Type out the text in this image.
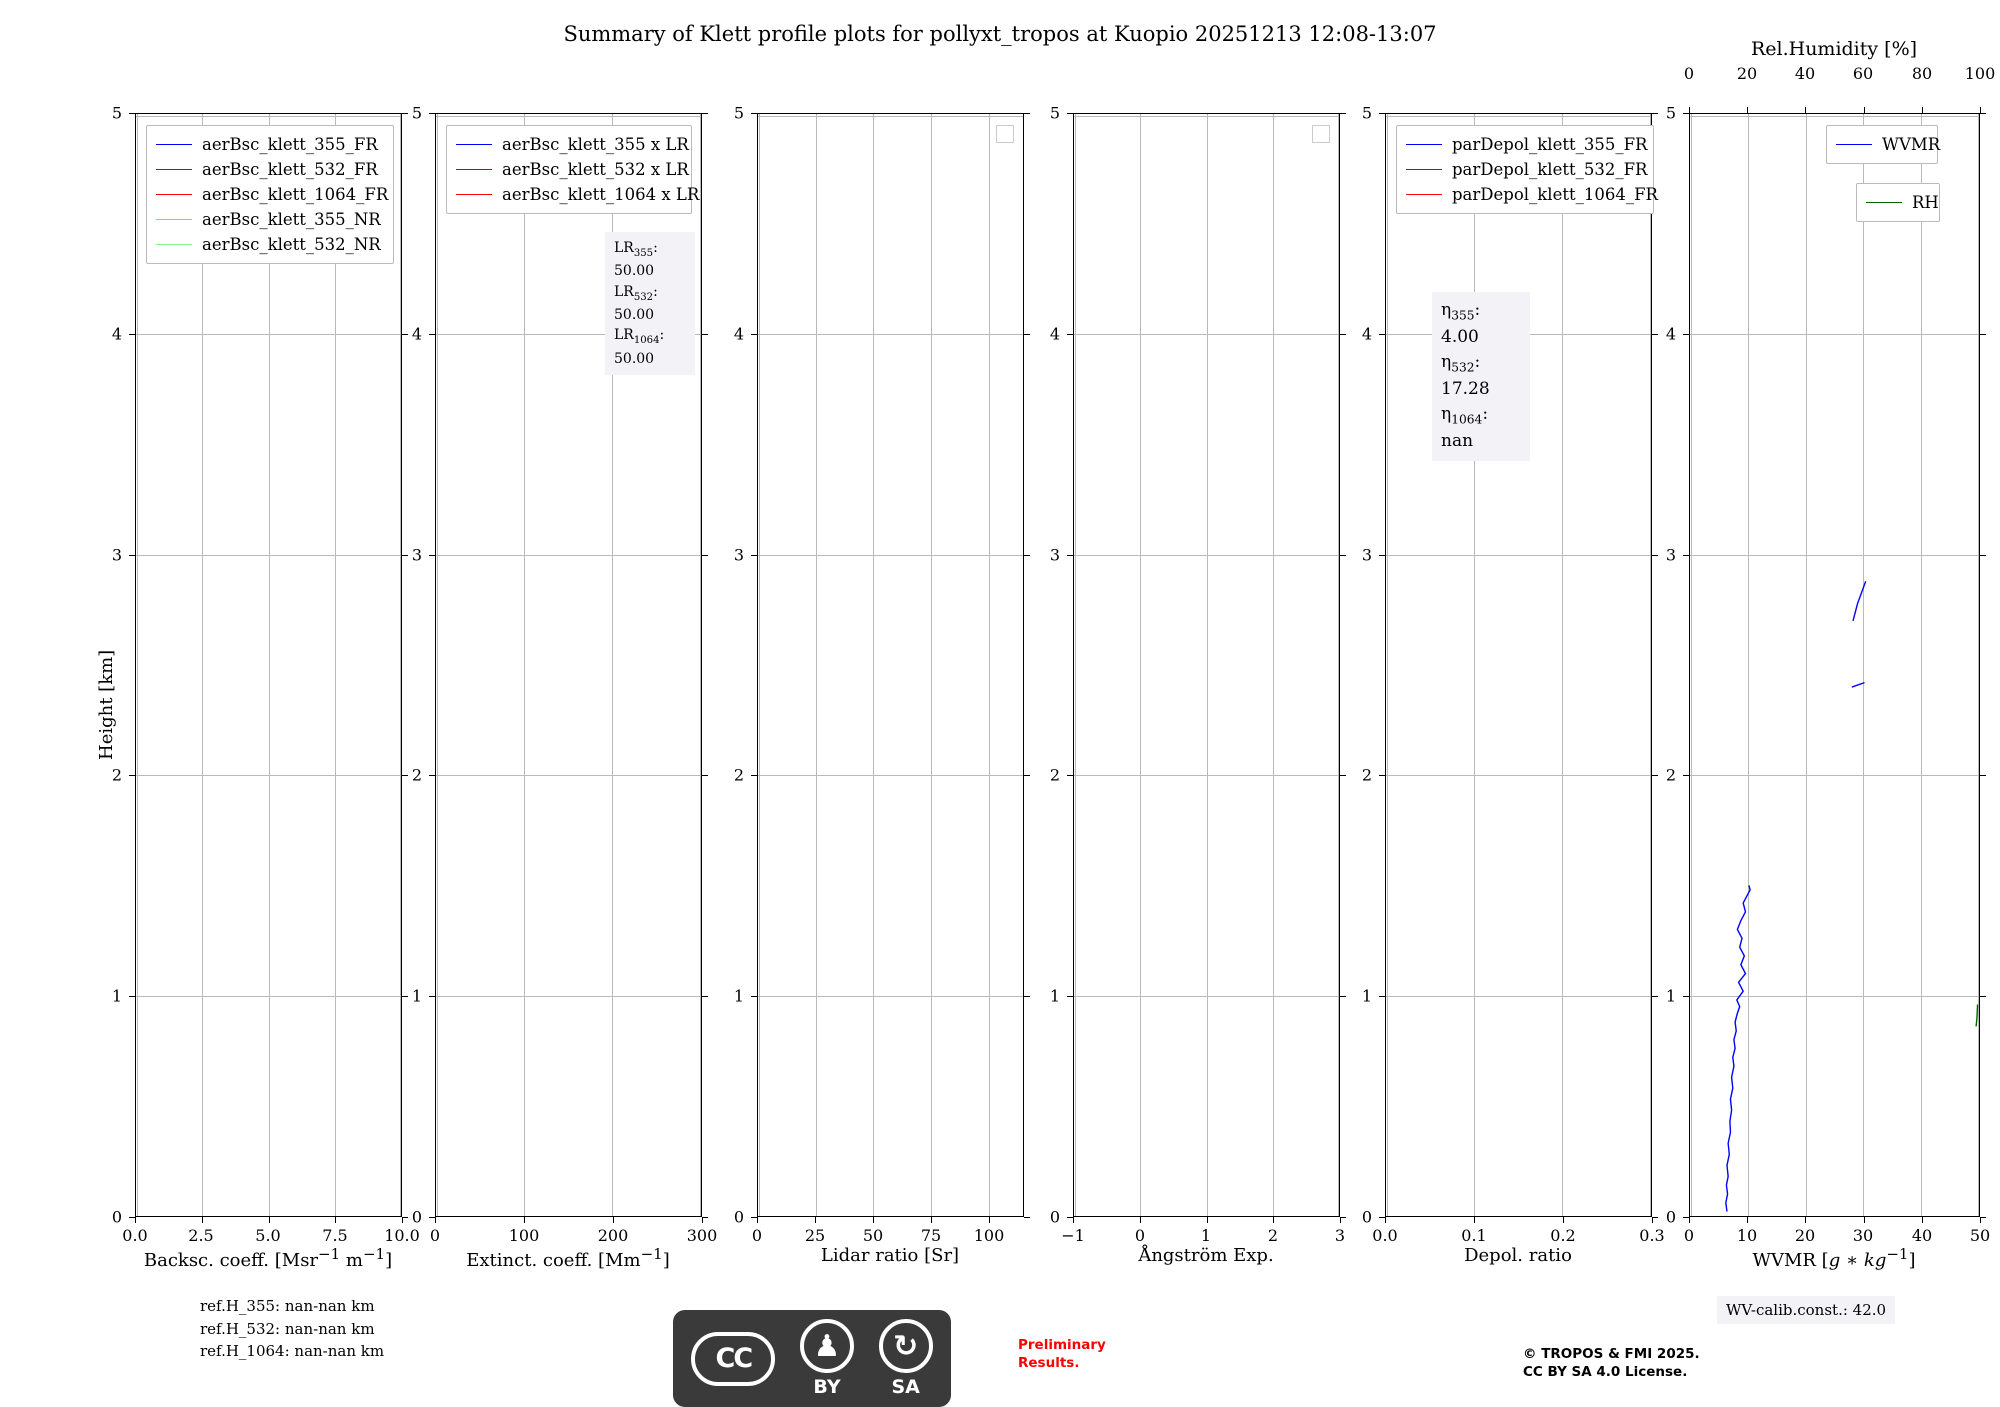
Summary of Klett profile plots for pollyxt_tropos at Kuopio 20251213 12:08-13:07
Height [km]
0.0	2.5	5.0	7.5 10.0
5
4
3
2
1
0
Backsc. coeff. [Msr$^{-1}$ $m^{-1}$]
aerBsc_klett_355_FR
aerBsc_klett_532_FR
aerBsc_klett_1064_FR
aerBsc_klett_355_NR
aerBsc_klett_532_NR
0	100	200	300
5
4
3
2
1
0
Extinct. coeff. $[Mm^{-1}]$
aerBsc_klett_355 x LR
aerBsc_klett_532 x LR
aerBsc_klett_1064 x LR
$LR_{355}$: 50.00
$LR_{532}$: 50.00
$LR_{1064}$: 50.00
0	25 50 75 100
5
4
3
2
1
0
Lidar ratio [Sr]
−1	0	1	2	3
5
4
3
2
1
0
Ångström Exp.
0.0	0.1	0.2	0.3
5
4
3
2
1
0
Depol. ratio
parDepol_klett_355_FR
parDepol_klett_532_FR
parDepol_klett_1064_FR
$\eta_{355}$: 4.00
$\eta_{532}$: 17.28
$\eta_{1064}$: nan
Rel.Humidity [%]
0	20 40 60 80 100
0	10 20 30 40 50
5
4
3
2
1
0
WVMR [g ∗ $kg^{-1}$]
WVMR
RH
ref.H_355: nan-nan km
ref.H_532: nan-nan km
ref.H_1064: nan-nan km
WV-calib.const.: 42.0
CC	♟
BY
↻
SA
Preliminary
Results.
© TROPOS & FMI 2025.
CC BY SA 4.0 License.
